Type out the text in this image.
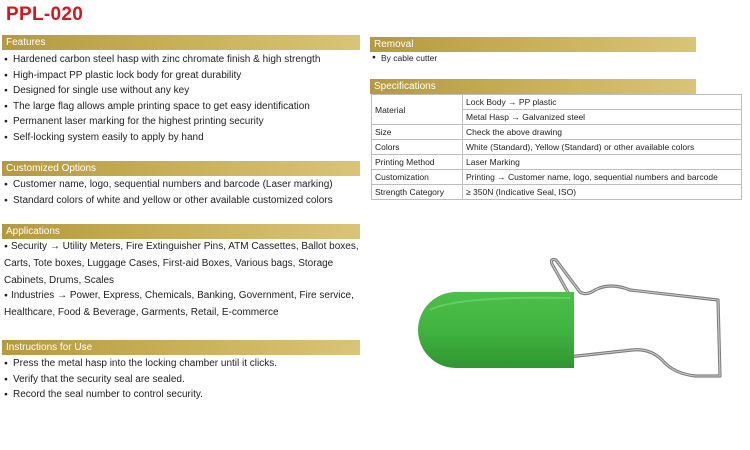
PPL-020
Features
● Hardened carbon steel hasp with zinc chromate finish & high strength
● High-impact PP plastic lock body for great durability
● Designed for single use without any key
● The large flag allows ample printing space to get easy identification
● Permanent laser marking for the highest printing security
● Self-locking system easily to apply by hand
Customized Options
● Customer name, logo, sequential numbers and barcode (Laser marking)
● Standard colors of white and yellow or other available customized colors
Applications

● Security → Utility Meters, Fire Extinguisher Pins, ATM Cassettes, Ballot boxes, Carts, Tote boxes, Luggage Cases, First-aid Boxes, Various bags, Storage Cabinets, Drums, Scales

● Industries → Power, Express, Chemicals, Banking, Government, Fire service, Healthcare, Food & Beverage, Garments, Retail, E-commerce

Instructions for Use
● Press the metal hasp into the locking chamber until it clicks.
● Verify that the security seal are sealed.
● Record the seal number to control security.
Removal
● By cable cutter
Specifications
Material	Lock Body → PP plastic
	Metal Hasp → Galvanized steel
Size	Check the above drawing
Colors	White (Standard), Yellow (Standard) or other available colors
Printing Method	Laser Marking
Customization	Printing → Customer name, logo, sequential numbers and barcode
Strength Category	≥ 350N (Indicative Seal, ISO)
